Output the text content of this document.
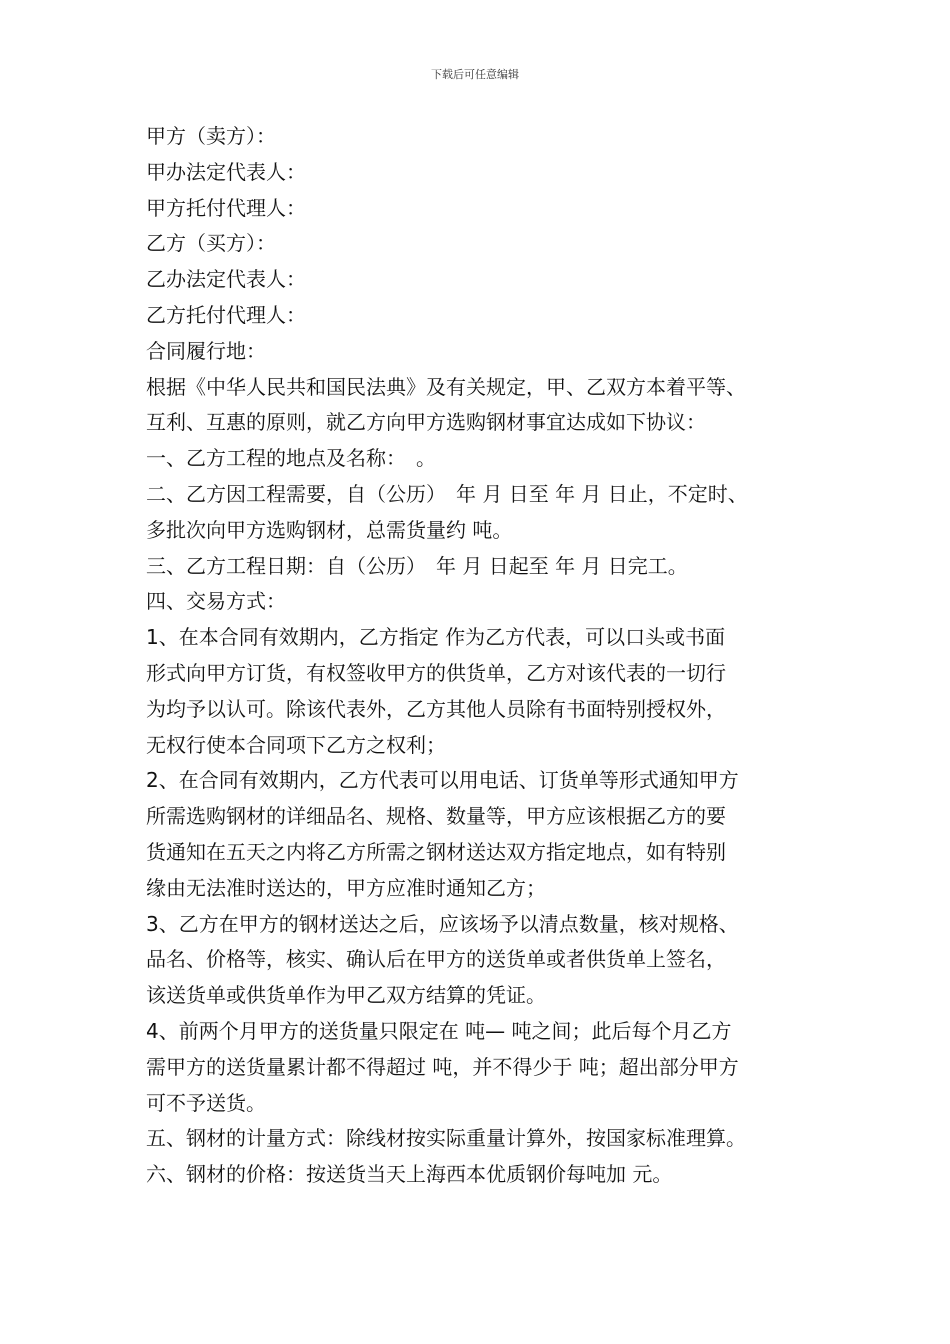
下载后可任意编辑
甲方（卖方）：
甲办法定代表人：
甲方托付代理人：
乙方（买方）：
乙办法定代表人：
乙方托付代理人：
合同履行地：
根据《中华人民共和国民法典》及有关规定，甲、乙双方本着平等、
互利、互惠的原则，就乙方向甲方选购钢材事宜达成如下协议：
一、乙方工程的地点及名称：　。
二、乙方因工程需要，自（公历）　年 月 日至 年 月 日止，不定时、
多批次向甲方选购钢材，总需货量约 吨。
三、乙方工程日期：自（公历）　年 月 日起至 年 月 日完工。
四、交易方式：
1、在本合同有效期内，乙方指定 作为乙方代表，可以口头或书面
形式向甲方订货，有权签收甲方的供货单，乙方对该代表的一切行
为均予以认可。除该代表外，乙方其他人员除有书面特别授权外，
无权行使本合同项下乙方之权利；
2、在合同有效期内，乙方代表可以用电话、订货单等形式通知甲方
所需选购钢材的详细品名、规格、数量等，甲方应该根据乙方的要
货通知在五天之内将乙方所需之钢材送达双方指定地点，如有特别
缘由无法准时送达的，甲方应准时通知乙方；
3、乙方在甲方的钢材送达之后，应该场予以清点数量，核对规格、
品名、价格等，核实、确认后在甲方的送货单或者供货单上签名，
该送货单或供货单作为甲乙双方结算的凭证。
4、前两个月甲方的送货量只限定在 吨— 吨之间；此后每个月乙方
需甲方的送货量累计都不得超过 吨，并不得少于 吨；超出部分甲方
可不予送货。
五、钢材的计量方式：除线材按实际重量计算外，按国家标准理算。
六、钢材的价格：按送货当天上海西本优质钢价每吨加 元。
